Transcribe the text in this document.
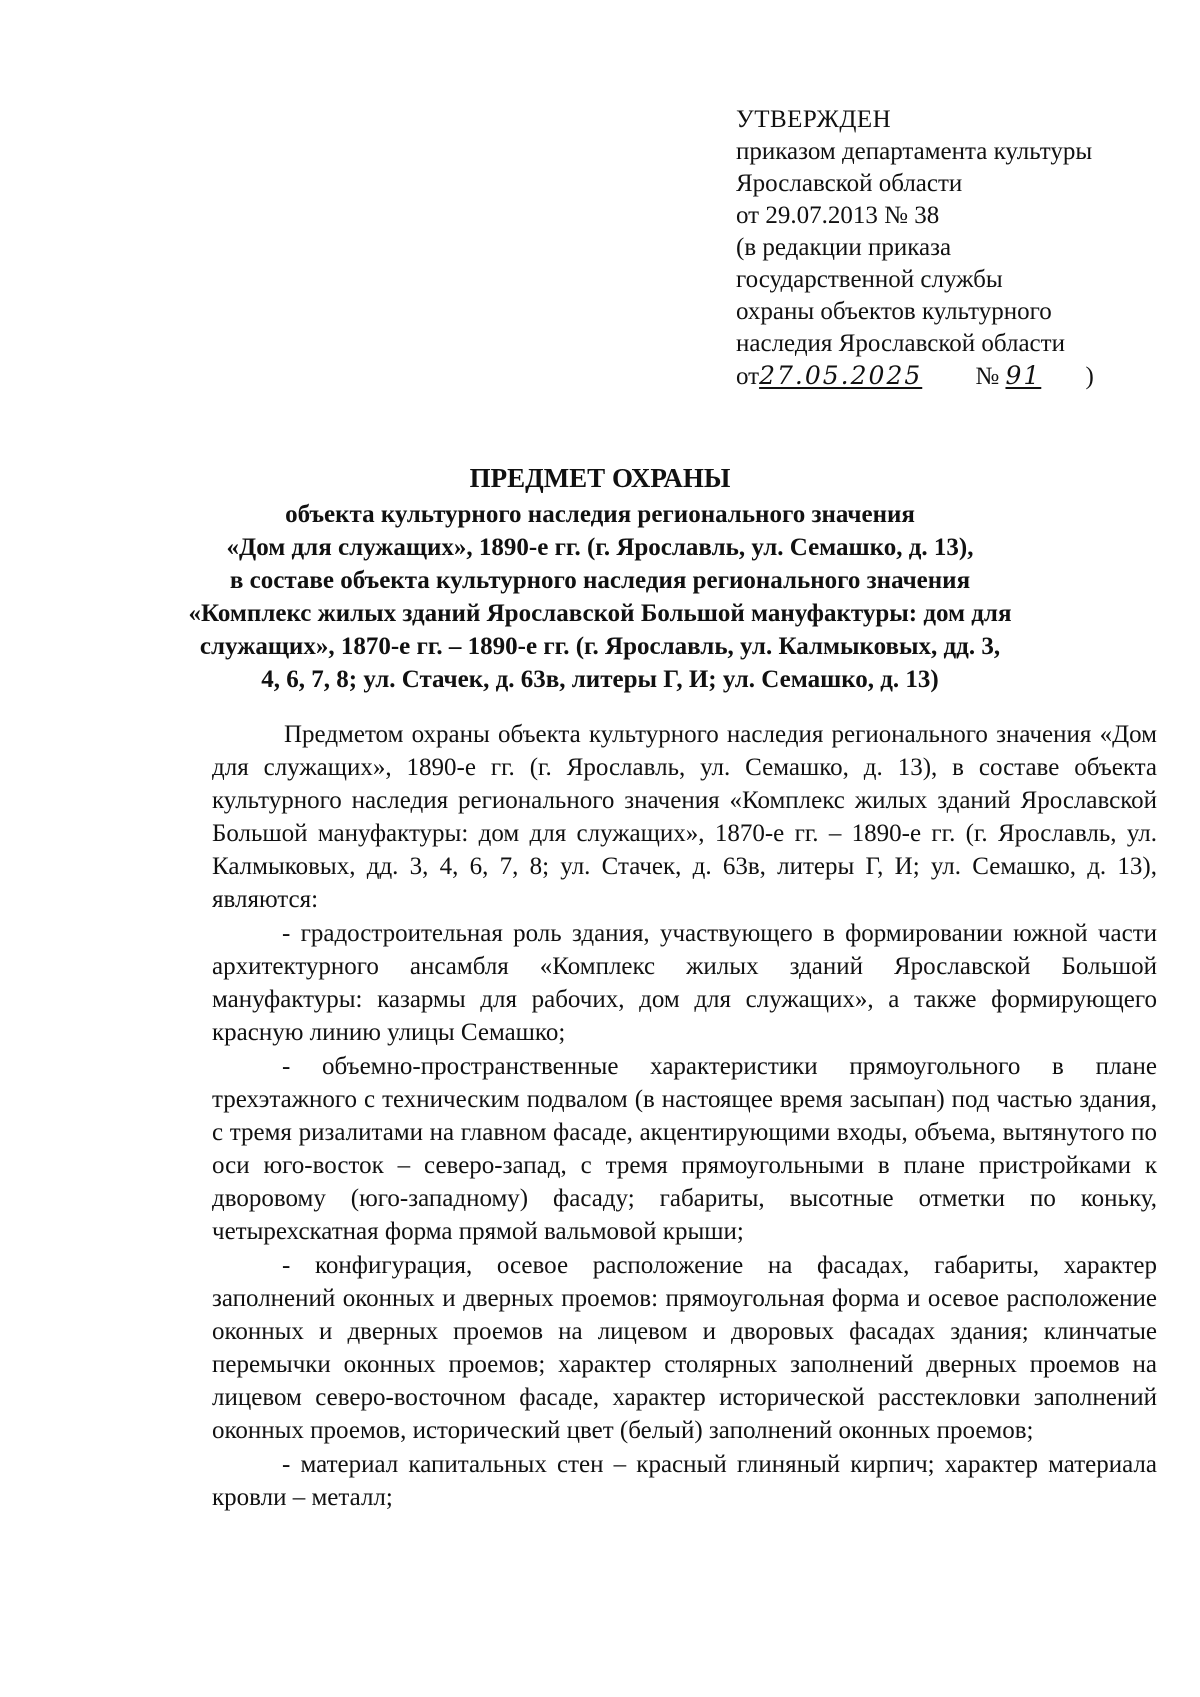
УТВЕРЖДЕН
приказом департамента культуры
Ярославской области
от 29.07.2013 № 38
(в редакции приказа
государственной службы
охраны объектов культурного
наследия Ярославской области
от27.05.2025 № 91 )
ПРЕДМЕТ ОХРАНЫ
объекта культурного наследия регионального значения
«Дом для служащих», 1890-е гг. (г. Ярославль, ул. Семашко, д. 13),
в составе объекта культурного наследия регионального значения
«Комплекс жилых зданий Ярославской Большой мануфактуры: дом для
служащих», 1870-е гг. – 1890-е гг. (г. Ярославль, ул. Калмыковых, дд. 3,
4, 6, 7, 8; ул. Стачек, д. 63в, литеры Г, И; ул. Семашко, д. 13)

Предметом охраны объекта культурного наследия регионального значения «Дом для служащих», 1890-е гг. (г. Ярославль, ул. Семашко, д. 13), в составе объекта культурного наследия регионального значения «Комплекс жилых зданий Ярославской Большой мануфактуры: дом для служащих», 1870-е гг. – 1890-е гг. (г. Ярославль, ул. Калмыковых, дд. 3, 4, 6, 7, 8; ул. Стачек, д. 63в, литеры Г, И; ул. Семашко, д. 13), являются:

- градостроительная роль здания, участвующего в формировании южной части архитектурного ансамбля «Комплекс жилых зданий Ярославской Большой мануфактуры: казармы для рабочих, дом для служащих», а также формирующего красную линию улицы Семашко;

- объемно-пространственные характеристики прямоугольного в плане трехэтажного с техническим подвалом (в настоящее время засыпан) под частью здания, с тремя ризалитами на главном фасаде, акцентирующими входы, объема, вытянутого по оси юго-восток – северо-запад, с тремя прямоугольными в плане пристройками к дворовому (юго-западному) фасаду; габариты, высотные отметки по коньку, четырехскатная форма прямой вальмовой крыши;

- конфигурация, осевое расположение на фасадах, габариты, характер заполнений оконных и дверных проемов: прямоугольная форма и осевое расположение оконных и дверных проемов на лицевом и дворовых фасадах здания; клинчатые перемычки оконных проемов; характер столярных заполнений дверных проемов на лицевом северо-восточном фасаде, характер исторической расстекловки заполнений оконных проемов, исторический цвет (белый) заполнений оконных проемов;

- материал капитальных стен – красный глиняный кирпич; характер материала кровли – металл;
